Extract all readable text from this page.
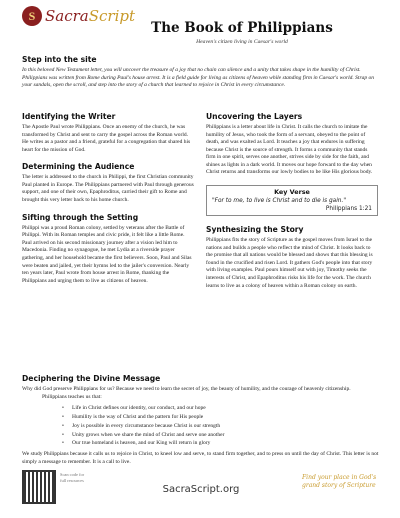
S SacraScript
The Book of Philippians
Heaven's citizen living in Caesar's world
Step into the site

In this beloved New Testament letter, you will uncover the treasure of a joy that no chain can silence and a unity that takes shape in the humility of Christ. Philippians was written from Rome during Paul's house arrest. It is a field guide for living as citizens of heaven while standing firm in Caesar's world. Strap on your sandals, open the scroll, and step into the story of a church that learned to rejoice in Christ in every circumstance.

Identifying the Writer

The Apostle Paul wrote Philippians. Once an enemy of the church, he was transformed by Christ and sent to carry the gospel across the Roman world. He writes as a pastor and a friend, grateful for a congregation that shared his heart for the mission of God.

Determining the Audience

The letter is addressed to the church in Philippi, the first Christian community Paul planted in Europe. The Philippians partnered with Paul through generous support, and one of their own, Epaphroditus, carried their gift to Rome and brought this very letter back to his home church.

Sifting through the Setting

Philippi was a proud Roman colony, settled by veterans after the Battle of Philippi. With its Roman temples and civic pride, it felt like a little Rome. Paul arrived on his second missionary journey after a vision led him to Macedonia. Finding no synagogue, he met Lydia at a riverside prayer gathering, and her household became the first believers. Soon, Paul and Silas were beaten and jailed, yet their hymns led to the jailer's conversion. Nearly ten years later, Paul wrote from house arrest in Rome, thanking the Philippians and urging them to live as citizens of heaven.

Uncovering the Layers

Philippians is a letter about life in Christ. It calls the church to imitate the humility of Jesus, who took the form of a servant, obeyed to the point of death, and was exalted as Lord. It teaches a joy that endures in suffering because Christ is the source of strength. It forms a community that stands firm in one spirit, serves one another, strives side by side for the faith, and shines as lights in a dark world. It moves our hope forward to the day when Christ returns and transforms our lowly bodies to be like His glorious body.

Key Verse
"For to me, to live is Christ and to die is gain."
Philippians 1:21
Synthesizing the Story

Philippians fits the story of Scripture as the gospel moves from Israel to the nations and builds a people who reflect the mind of Christ. It looks back to the promise that all nations would be blessed and shows that this blessing is found in the crucified and risen Lord. It gathers God's people into that story with living examples. Paul pours himself out with joy, Timothy seeks the interests of Christ, and Epaphroditus risks his life for the work. The church learns to live as a colony of heaven within a Roman colony on earth.

Deciphering the Divine Message

Why did God preserve Philippians for us? Because we need to learn the secret of joy, the beauty of humility, and the courage of heavenly citizenship.

Philippians teaches us that:

• Life in Christ defines our identity, our conduct, and our hope
• Humility is the way of Christ and the pattern for His people
• Joy is possible in every circumstance because Christ is our strength
• Unity grows when we share the mind of Christ and serve one another
• Our true homeland is heaven, and our King will return in glory

We study Philippians because it calls us to rejoice in Christ, to kneel low and serve, to stand firm together, and to press on until the day of Christ. This letter is not simply a message to remember. It is a call to live.

Scan code for full resources
SacraScript.org
Find your place in God's grand story of Scripture
